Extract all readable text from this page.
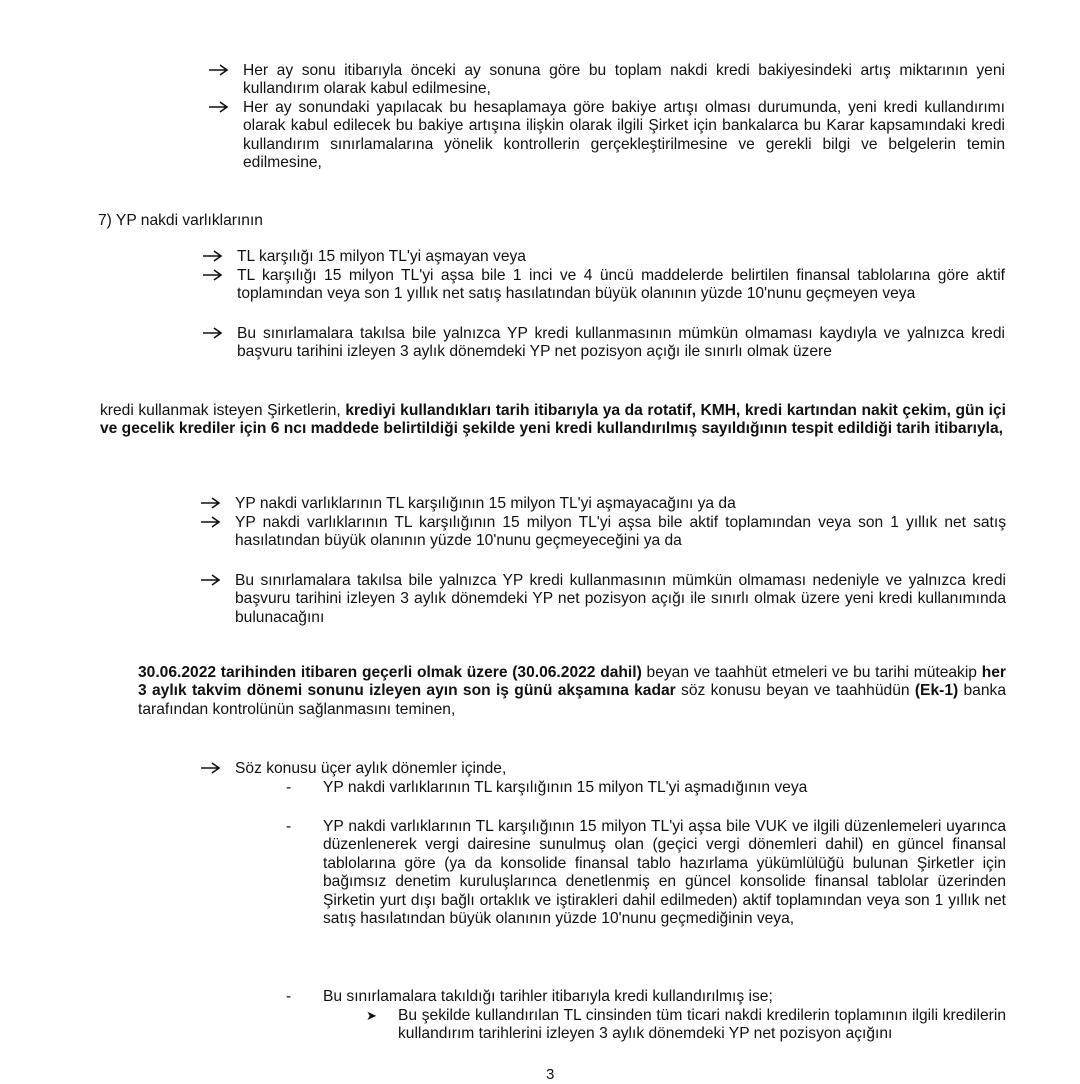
Her ay sonu itibarıyla önceki ay sonuna göre bu toplam nakdi kredi bakiyesindeki artış miktarının yeni kullandırım olarak kabul edilmesine,
Her ay sonundaki yapılacak bu hesaplamaya göre bakiye artışı olması durumunda, yeni kredi kullandırımı olarak kabul edilecek bu bakiye artışına ilişkin olarak ilgili Şirket için bankalarca bu Karar kapsamındaki kredi kullandırım sınırlamalarına yönelik kontrollerin gerçekleştirilmesine ve gerekli bilgi ve belgelerin temin edilmesine,
7) YP nakdi varlıklarının
TL karşılığı 15 milyon TL'yi aşmayan veya
TL karşılığı 15 milyon TL'yi aşsa bile 1 inci ve 4 üncü maddelerde belirtilen finansal tablolarına göre aktif toplamından veya son 1 yıllık net satış hasılatından büyük olanının yüzde 10'nunu geçmeyen veya
Bu sınırlamalara takılsa bile yalnızca YP kredi kullanmasının mümkün olmaması kaydıyla ve yalnızca kredi başvuru tarihini izleyen 3 aylık dönemdeki YP net pozisyon açığı ile sınırlı olmak üzere
kredi kullanmak isteyen Şirketlerin, krediyi kullandıkları tarih itibarıyla ya da rotatif, KMH, kredi kartından nakit çekim, gün içi ve gecelik krediler için 6 ncı maddede belirtildiği şekilde yeni kredi kullandırılmış sayıldığının tespit edildiği tarih itibarıyla,
YP nakdi varlıklarının TL karşılığının 15 milyon TL'yi aşmayacağını ya da
YP nakdi varlıklarının TL karşılığının 15 milyon TL'yi aşsa bile aktif toplamından veya son 1 yıllık net satış hasılatından büyük olanının yüzde 10'nunu geçmeyeceğini ya da
Bu sınırlamalara takılsa bile yalnızca YP kredi kullanmasının mümkün olmaması nedeniyle ve yalnızca kredi başvuru tarihini izleyen 3 aylık dönemdeki YP net pozisyon açığı ile sınırlı olmak üzere yeni kredi kullanımında bulunacağını
30.06.2022 tarihinden itibaren geçerli olmak üzere (30.06.2022 dahil) beyan ve taahhüt etmeleri ve bu tarihi müteakip her 3 aylık takvim dönemi sonunu izleyen ayın son iş günü akşamına kadar söz konusu beyan ve taahhüdün (Ek-1) banka tarafından kontrolünün sağlanmasını teminen,
Söz konusu üçer aylık dönemler içinde,
-	YP nakdi varlıklarının TL karşılığının 15 milyon TL'yi aşmadığının veya
-	YP nakdi varlıklarının TL karşılığının 15 milyon TL'yi aşsa bile VUK ve ilgili düzenlemeleri uyarınca düzenlenerek vergi dairesine sunulmuş olan (geçici vergi dönemleri dahil) en güncel finansal tablolarına göre (ya da konsolide finansal tablo hazırlama yükümlülüğü bulunan Şirketler için bağımsız denetim kuruluşlarınca denetlenmiş en güncel konsolide finansal tablolar üzerinden Şirketin yurt dışı bağlı ortaklık ve iştirakleri dahil edilmeden) aktif toplamından veya son 1 yıllık net satış hasılatından büyük olanının yüzde 10'nunu geçmediğinin veya,
-	Bu sınırlamalara takıldığı tarihler itibarıyla kredi kullandırılmış ise;
➤	Bu şekilde kullandırılan TL cinsinden tüm ticari nakdi kredilerin toplamının ilgili kredilerin kullandırım tarihlerini izleyen 3 aylık dönemdeki YP net pozisyon açığını
3
